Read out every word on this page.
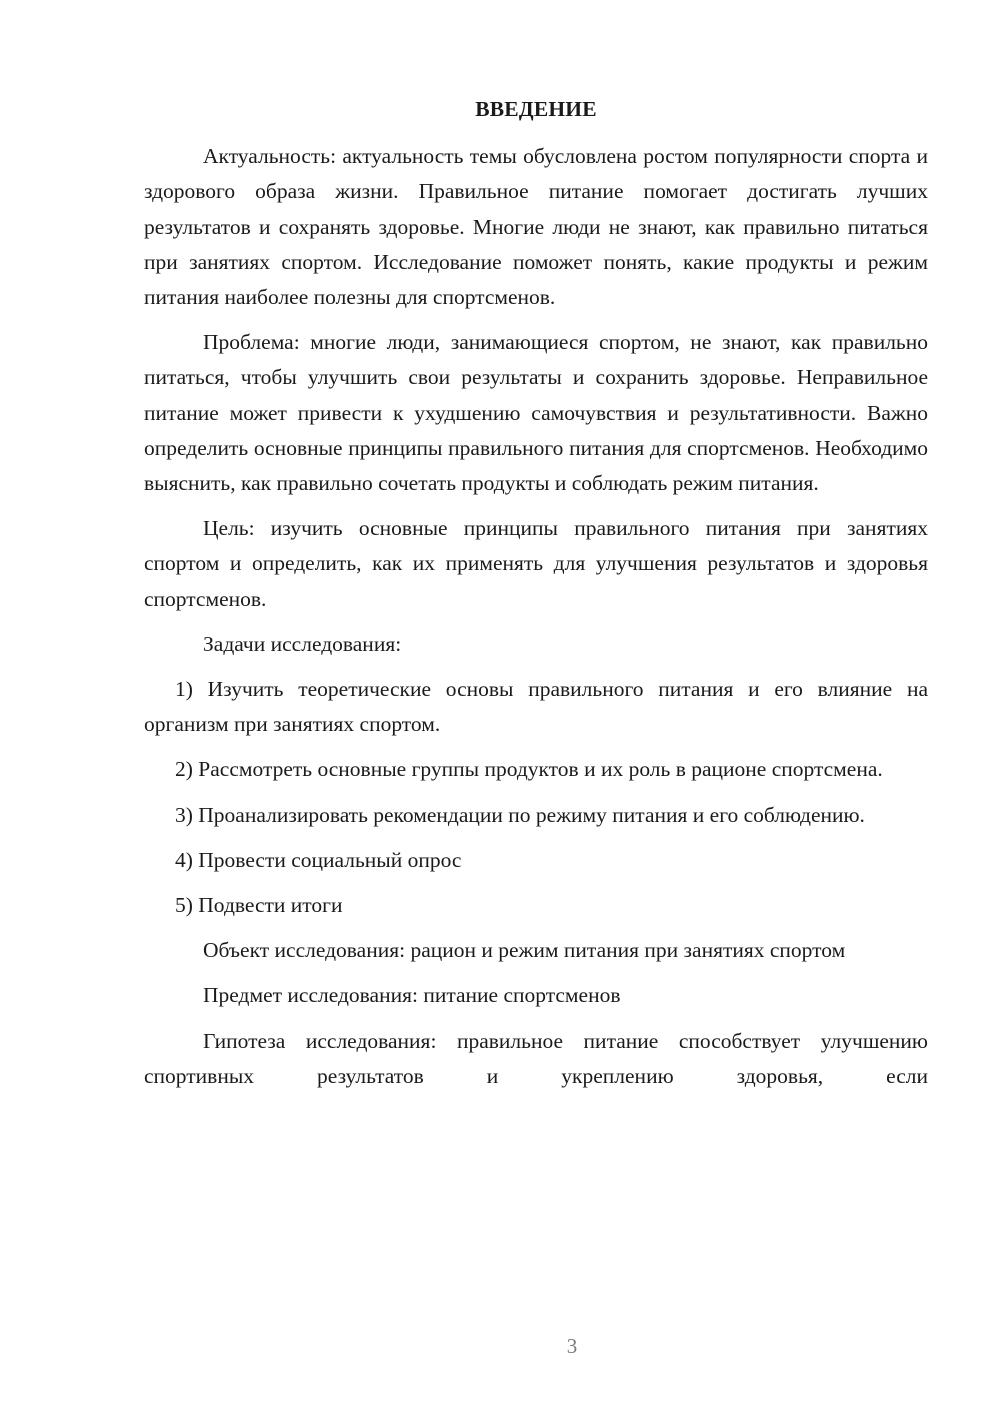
ВВЕДЕНИЕ

Актуальность: актуальность темы обусловлена ростом популярности спорта и здорового образа жизни. Правильное питание помогает достигать лучших результатов и сохранять здоровье. Многие люди не знают, как правильно питаться при занятиях спортом. Исследование поможет понять, какие продукты и режим питания наиболее полезны для спортсменов.

Проблема: многие люди, занимающиеся спортом, не знают, как правильно питаться, чтобы улучшить свои результаты и сохранить здоровье. Неправильное питание может привести к ухудшению самочувствия и результативности. Важно определить основные принципы правильного питания для спортсменов. Необходимо выяснить, как правильно сочетать продукты и соблюдать режим питания.

Цель: изучить основные принципы правильного питания при занятиях спортом и определить, как их применять для улучшения результатов и здоровья спортсменов.

Задачи исследования:

1) Изучить теоретические основы правильного питания и его влияние на организм при занятиях спортом.

2) Рассмотреть основные группы продуктов и их роль в рационе спортсмена.

3) Проанализировать рекомендации по режиму питания и его соблюдению.

4) Провести социальный опрос

5) Подвести итоги

Объект исследования: рацион и режим питания при занятиях спортом

Предмет исследования: питание спортсменов

Гипотеза исследования: правильное питание способствует улучшению спортивных результатов и укреплению здоровья, если

3
